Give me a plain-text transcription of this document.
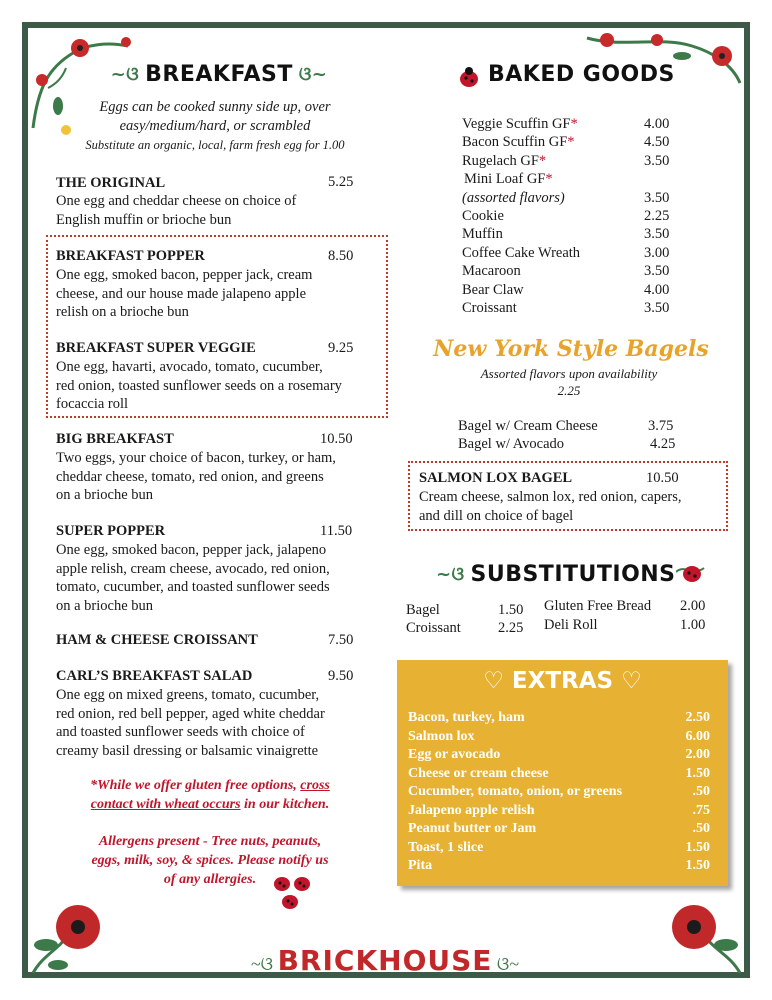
~ଓ BREAKFAST ଓ~
Eggs can be cooked sunny side up, over
easy/medium/hard, or scrambled
Substitute an organic, local, farm fresh egg for 1.00
THE ORIGINAL	5.25
One egg and cheddar cheese on choice of
English muffin or brioche bun
BREAKFAST POPPER	8.50
One egg, smoked bacon, pepper jack, cream
cheese, and our house made jalapeno apple
relish on a brioche bun
BREAKFAST SUPER VEGGIE	9.25
One egg, havarti, avocado, tomato, cucumber,
red onion, toasted sunflower seeds on a rosemary
focaccia roll
BIG BREAKFAST	10.50
Two eggs, your choice of bacon, turkey, or ham,
cheddar cheese, tomato, red onion, and greens
on a brioche bun
SUPER POPPER	11.50
One egg, smoked bacon, pepper jack, jalapeno
apple relish, cream cheese, avocado, red onion,
tomato, cucumber, and toasted sunflower seeds
on a brioche bun
HAM & CHEESE CROISSANT	7.50
CARL’S BREAKFAST SALAD	9.50
One egg on mixed greens, tomato, cucumber,
red onion, red bell pepper, aged white cheddar
and toasted sunflower seeds with choice of
creamy basil dressing or balsamic vinaigrette
*While we offer gluten free options, cross
contact with wheat occurs in our kitchen.
Allergens present - Tree nuts, peanuts,
eggs, milk, soy, & spices. Please notify us
of any allergies.
BAKED GOODS
Veggie Scuffin GF*	4.00
Bacon Scuffin GF*	4.50
Rugelach GF*	3.50
Mini Loaf GF*
(assorted flavors)	3.50
Cookie	2.25
Muffin	3.50
Coffee Cake Wreath	3.00
Macaroon	3.50
Bear Claw	4.00
Croissant	3.50
New York Style Bagels
Assorted flavors upon availability
2.25
Bagel w/ Cream Cheese	3.75
Bagel w/ Avocado	4.25
SALMON LOX BAGEL	10.50
Cream cheese, salmon lox, red onion, capers,
and dill on choice of bagel
~ଓ SUBSTITUTIONS
Bagel	1.50
Croissant	2.25
Gluten Free Bread 2.00
Deli Roll	1.00
♡ EXTRAS ♡
Bacon, turkey, ham	2.50
Salmon lox	6.00
Egg or avocado	2.00
Cheese or cream cheese	1.50
Cucumber, tomato, onion, or greens	.50
Jalapeno apple relish	.75
Peanut butter or Jam	.50
Toast, 1 slice	1.50
Pita	1.50
~ଓ BRICKHOUSE ଓ~
